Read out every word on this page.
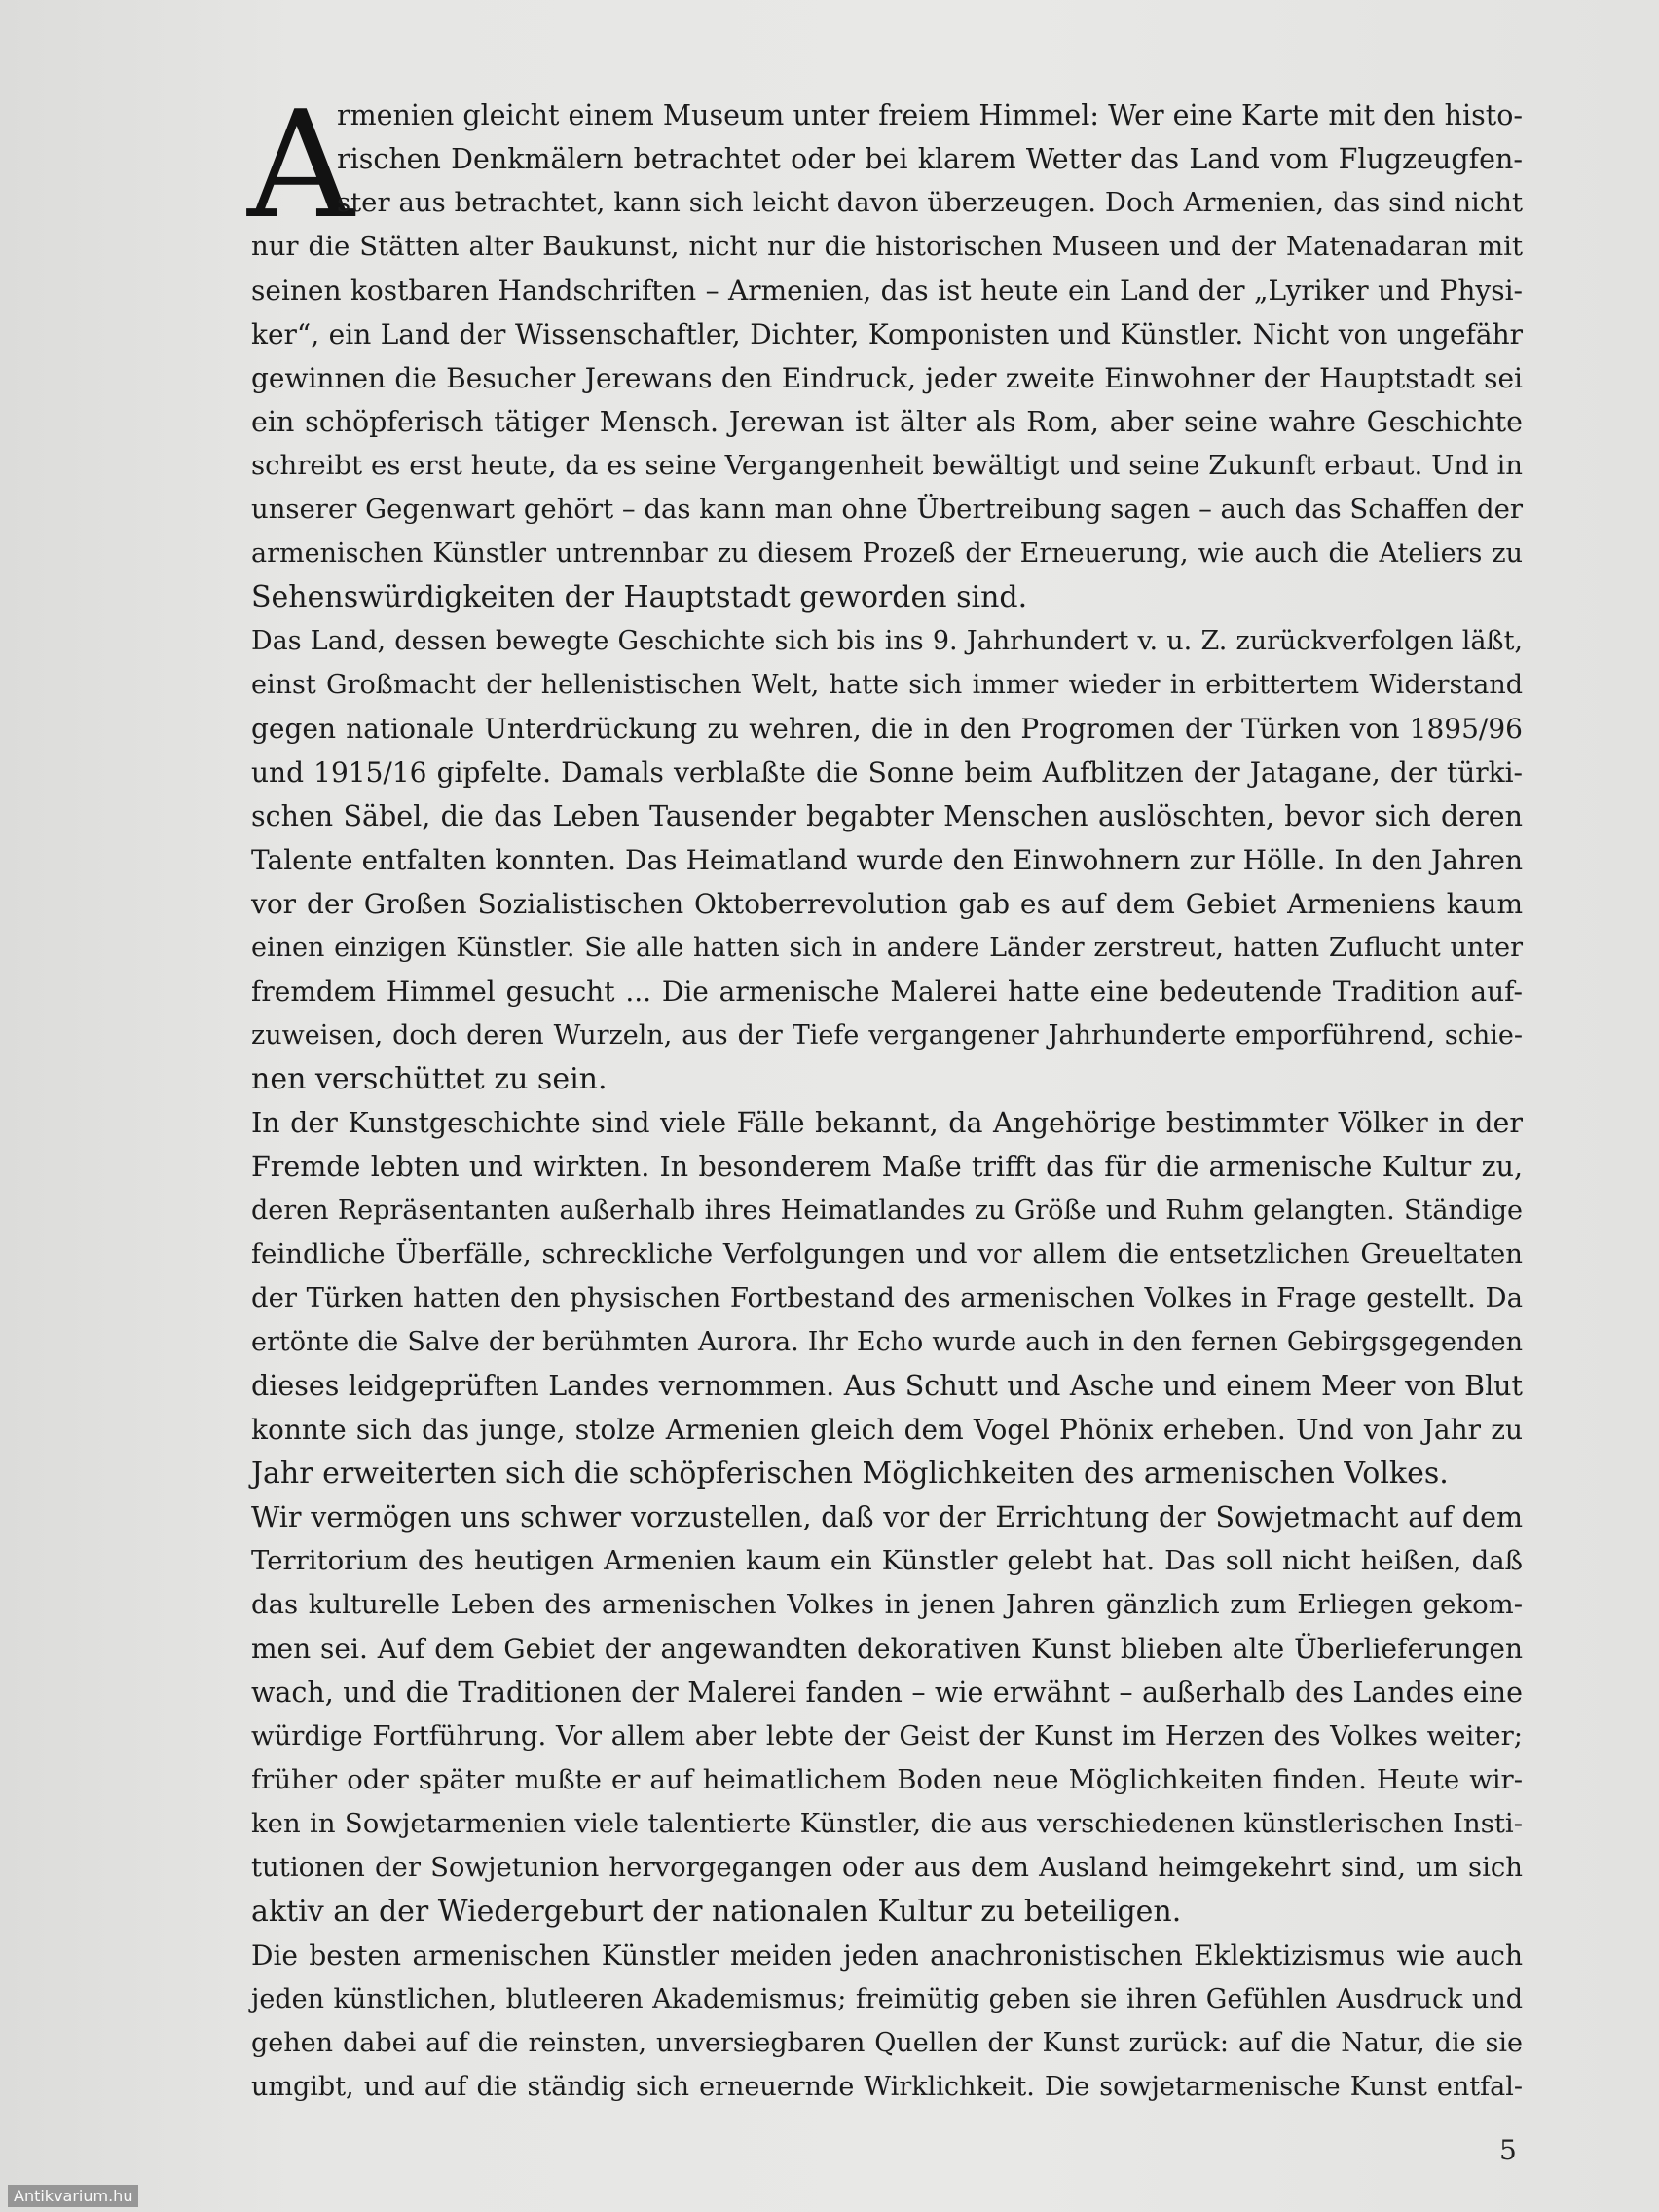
A
rmenien gleicht einem Museum unter freiem Himmel: Wer eine Karte mit den histo-
rischen Denkmälern betrachtet oder bei klarem Wetter das Land vom Flugzeugfen-
ster aus betrachtet, kann sich leicht davon überzeugen. Doch Armenien, das sind nicht
nur die Stätten alter Baukunst, nicht nur die historischen Museen und der Matenadaran mit
seinen kostbaren Handschriften – Armenien, das ist heute ein Land der „Lyriker und Physi-
ker“, ein Land der Wissenschaftler, Dichter, Komponisten und Künstler. Nicht von ungefähr
gewinnen die Besucher Jerewans den Eindruck, jeder zweite Einwohner der Hauptstadt sei
ein schöpferisch tätiger Mensch. Jerewan ist älter als Rom, aber seine wahre Geschichte
schreibt es erst heute, da es seine Vergangenheit bewältigt und seine Zukunft erbaut. Und in
unserer Gegenwart gehört – das kann man ohne Übertreibung sagen – auch das Schaffen der
armenischen Künstler untrennbar zu diesem Prozeß der Erneuerung, wie auch die Ateliers zu
Sehenswürdigkeiten der Hauptstadt geworden sind.
Das Land, dessen bewegte Geschichte sich bis ins 9. Jahrhundert v. u. Z. zurückverfolgen läßt,
einst Großmacht der hellenistischen Welt, hatte sich immer wieder in erbittertem Widerstand
gegen nationale Unterdrückung zu wehren, die in den Progromen der Türken von 1895/96
und 1915/16 gipfelte. Damals verblaßte die Sonne beim Aufblitzen der Jatagane, der türki-
schen Säbel, die das Leben Tausender begabter Menschen auslöschten, bevor sich deren
Talente entfalten konnten. Das Heimatland wurde den Einwohnern zur Hölle. In den Jahren
vor der Großen Sozialistischen Oktoberrevolution gab es auf dem Gebiet Armeniens kaum
einen einzigen Künstler. Sie alle hatten sich in andere Länder zerstreut, hatten Zuflucht unter
fremdem Himmel gesucht ... Die armenische Malerei hatte eine bedeutende Tradition auf-
zuweisen, doch deren Wurzeln, aus der Tiefe vergangener Jahrhunderte emporführend, schie-
nen verschüttet zu sein.
In der Kunstgeschichte sind viele Fälle bekannt, da Angehörige bestimmter Völker in der
Fremde lebten und wirkten. In besonderem Maße trifft das für die armenische Kultur zu,
deren Repräsentanten außerhalb ihres Heimatlandes zu Größe und Ruhm gelangten. Ständige
feindliche Überfälle, schreckliche Verfolgungen und vor allem die entsetzlichen Greueltaten
der Türken hatten den physischen Fortbestand des armenischen Volkes in Frage gestellt. Da
ertönte die Salve der berühmten Aurora. Ihr Echo wurde auch in den fernen Gebirgsgegenden
dieses leidgeprüften Landes vernommen. Aus Schutt und Asche und einem Meer von Blut
konnte sich das junge, stolze Armenien gleich dem Vogel Phönix erheben. Und von Jahr zu
Jahr erweiterten sich die schöpferischen Möglichkeiten des armenischen Volkes.
Wir vermögen uns schwer vorzustellen, daß vor der Errichtung der Sowjetmacht auf dem
Territorium des heutigen Armenien kaum ein Künstler gelebt hat. Das soll nicht heißen, daß
das kulturelle Leben des armenischen Volkes in jenen Jahren gänzlich zum Erliegen gekom-
men sei. Auf dem Gebiet der angewandten dekorativen Kunst blieben alte Überlieferungen
wach, und die Traditionen der Malerei fanden – wie erwähnt – außerhalb des Landes eine
würdige Fortführung. Vor allem aber lebte der Geist der Kunst im Herzen des Volkes weiter;
früher oder später mußte er auf heimatlichem Boden neue Möglichkeiten finden. Heute wir-
ken in Sowjetarmenien viele talentierte Künstler, die aus verschiedenen künstlerischen Insti-
tutionen der Sowjetunion hervorgegangen oder aus dem Ausland heimgekehrt sind, um sich
aktiv an der Wiedergeburt der nationalen Kultur zu beteiligen.
Die besten armenischen Künstler meiden jeden anachronistischen Eklektizismus wie auch
jeden künstlichen, blutleeren Akademismus; freimütig geben sie ihren Gefühlen Ausdruck und
gehen dabei auf die reinsten, unversiegbaren Quellen der Kunst zurück: auf die Natur, die sie
umgibt, und auf die ständig sich erneuernde Wirklichkeit. Die sowjetarmenische Kunst entfal-
5
Antikvarium.hu
